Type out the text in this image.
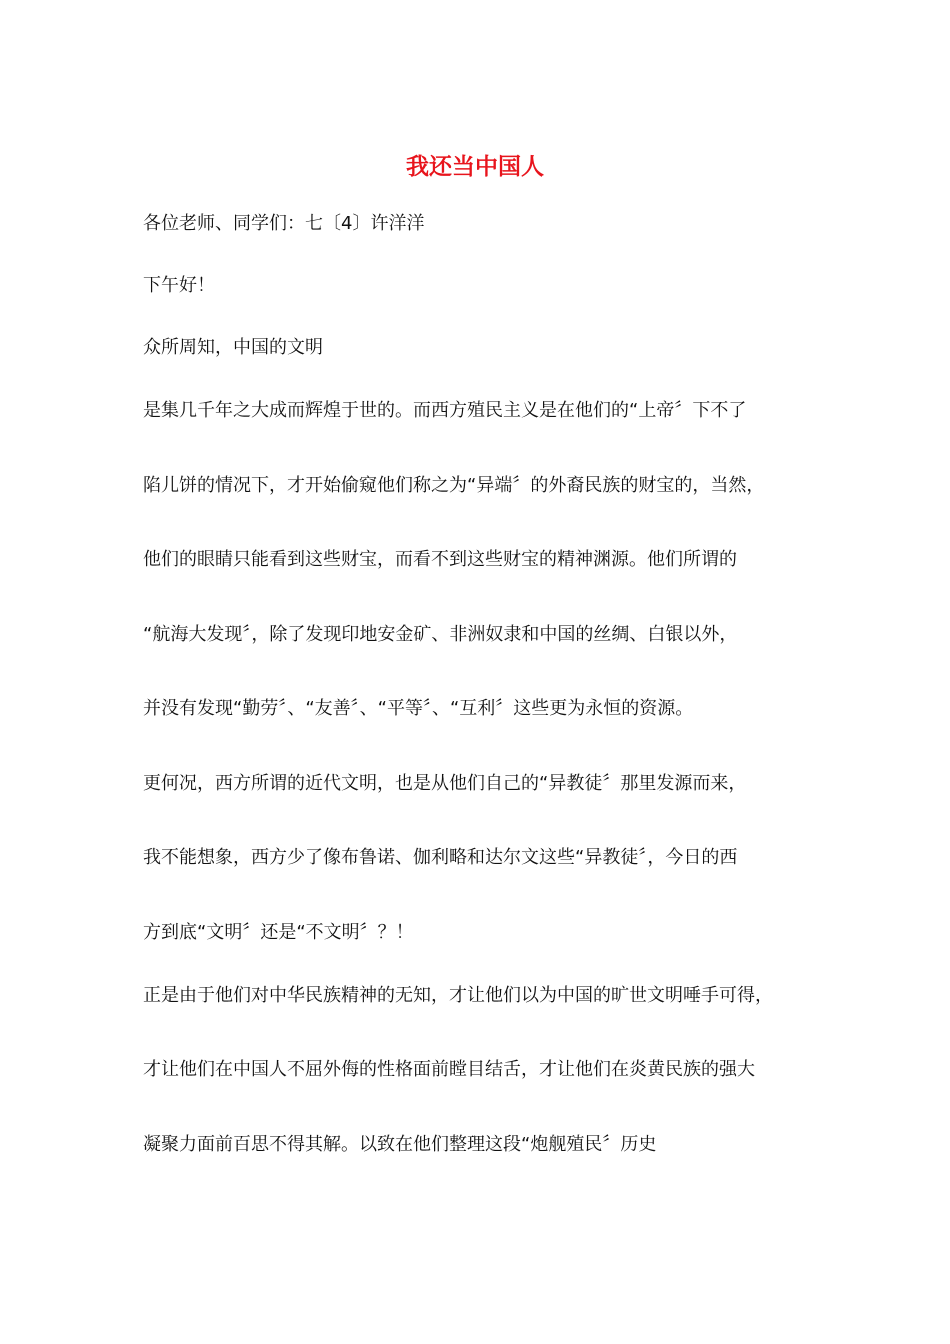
我还当中国人
各位老师、同学们：七〔4〕许洋洋
下午好！
众所周知，中国的文明
是集几千年之大成而辉煌于世的。而西方殖民主义是在他们的“上帝〞下不了
陷儿饼的情况下，才开始偷窥他们称之为“异端〞的外裔民族的财宝的，当然，
他们的眼睛只能看到这些财宝，而看不到这些财宝的精神渊源。他们所谓的
“航海大发现〞，除了发现印地安金矿、非洲奴隶和中国的丝绸、白银以外，
并没有发现“勤劳〞、“友善〞、“平等〞、“互利〞这些更为永恒的资源。
更何况，西方所谓的近代文明，也是从他们自己的“异教徒〞那里发源而来，
我不能想象，西方少了像布鲁诺、伽利略和达尔文这些“异教徒〞，今日的西
方到底“文明〞还是“不文明〞？！
正是由于他们对中华民族精神的无知，才让他们以为中国的旷世文明唾手可得，
才让他们在中国人不屈外侮的性格面前瞠目结舌，才让他们在炎黄民族的强大
凝聚力面前百思不得其解。以致在他们整理这段“炮舰殖民〞历史
